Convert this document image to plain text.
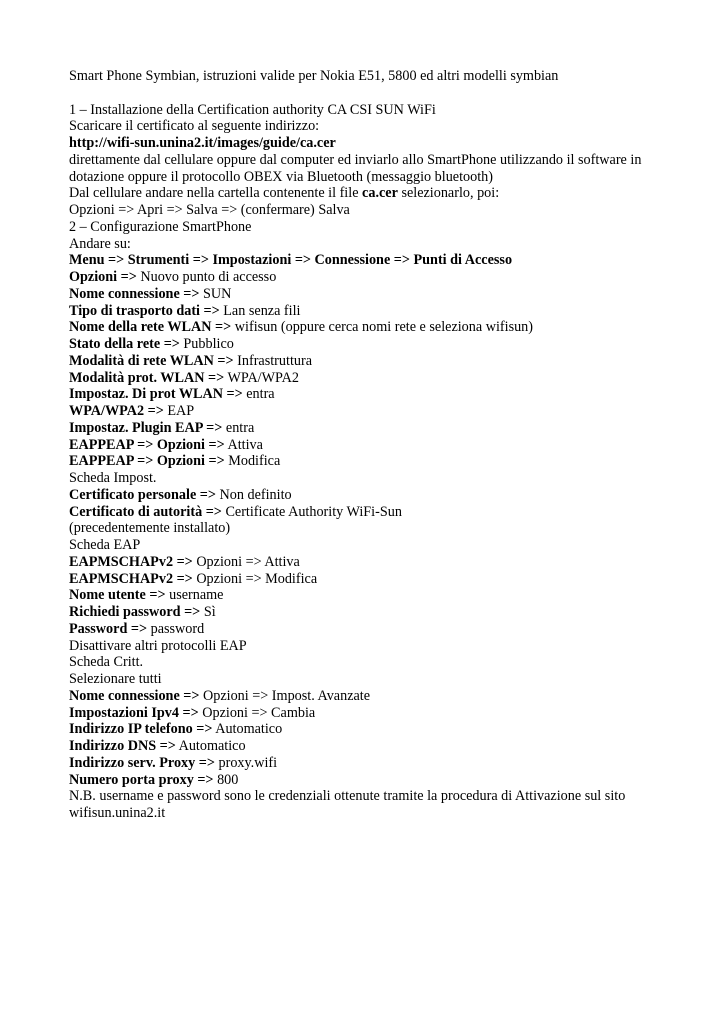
Smart Phone Symbian, istruzioni valide per Nokia E51, 5800 ed altri modelli symbian
1 – Installazione della Certification authority CA CSI SUN WiFi
Scaricare il certificato al seguente indirizzo:
http://wifi-sun.unina2.it/images/guide/ca.cer
direttamente dal cellulare oppure dal computer ed inviarlo allo SmartPhone utilizzando il software in dotazione oppure il protocollo OBEX via Bluetooth (messaggio bluetooth)
Dal cellulare andare nella cartella contenente il file ca.cer selezionarlo, poi:
Opzioni => Apri => Salva => (confermare) Salva
2 – Configurazione SmartPhone
Andare su:
Menu => Strumenti => Impostazioni => Connessione => Punti di Accesso
Opzioni => Nuovo punto di accesso
Nome connessione => SUN
Tipo di trasporto dati => Lan senza fili
Nome della rete WLAN => wifisun (oppure cerca nomi rete e seleziona wifisun)
Stato della rete => Pubblico
Modalità di rete WLAN => Infrastruttura
Modalità prot. WLAN => WPA/WPA2
Impostaz. Di prot WLAN => entra
WPA/WPA2 => EAP
Impostaz. Plugin EAP => entra
EAPPEAP => Opzioni => Attiva
EAPPEAP => Opzioni => Modifica
Scheda Impost.
Certificato personale => Non definito
Certificato di autorità => Certificate Authority WiFi-Sun
(precedentemente installato)
Scheda EAP
EAPMSCHAPv2 => Opzioni => Attiva
EAPMSCHAPv2 => Opzioni => Modifica
Nome utente => username
Richiedi password => Sì
Password => password
Disattivare altri protocolli EAP
Scheda Critt.
Selezionare tutti
Nome connessione => Opzioni => Impost. Avanzate
Impostazioni Ipv4 => Opzioni => Cambia
Indirizzo IP telefono => Automatico
Indirizzo DNS => Automatico
Indirizzo serv. Proxy => proxy.wifi
Numero porta proxy => 800
N.B. username e password sono le credenziali ottenute tramite la procedura di Attivazione sul sito wifisun.unina2.it
